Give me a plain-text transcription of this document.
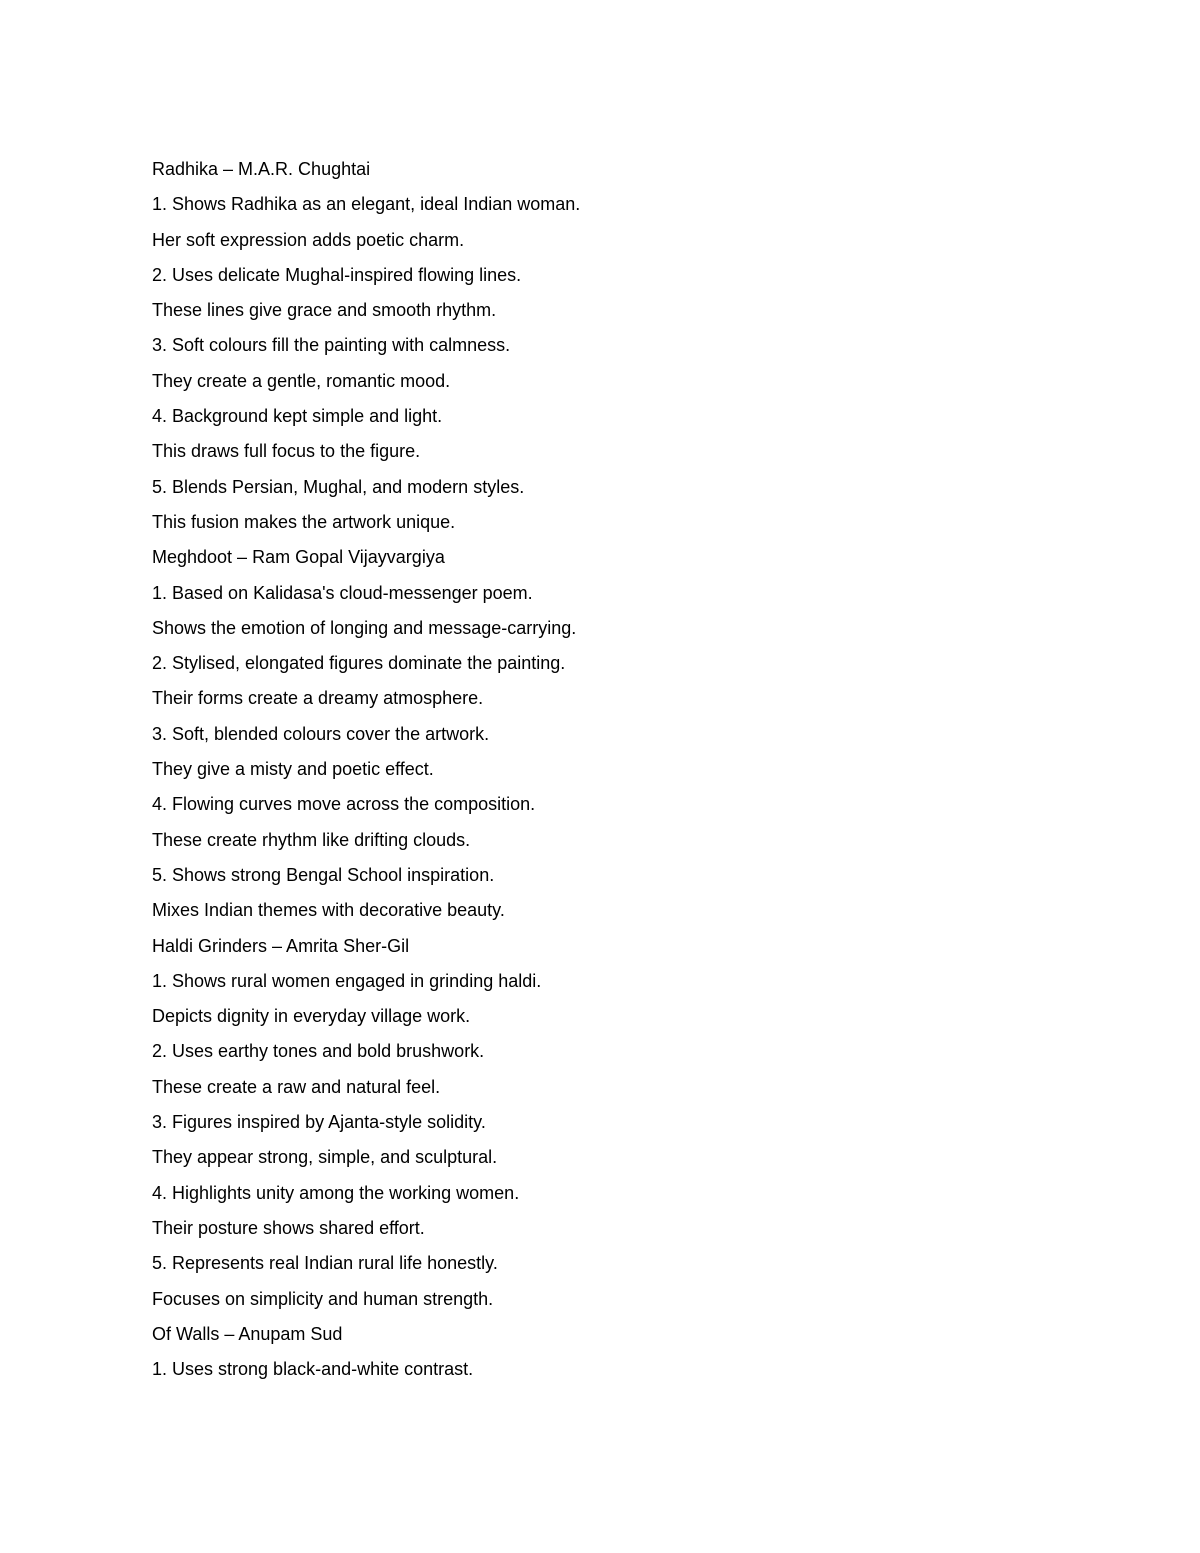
Radhika – M.A.R. Chughtai
1. Shows Radhika as an elegant, ideal Indian woman.
Her soft expression adds poetic charm.
2. Uses delicate Mughal-inspired flowing lines.
These lines give grace and smooth rhythm.
3. Soft colours fill the painting with calmness.
They create a gentle, romantic mood.
4. Background kept simple and light.
This draws full focus to the figure.
5. Blends Persian, Mughal, and modern styles.
This fusion makes the artwork unique.
Meghdoot – Ram Gopal Vijayvargiya
1. Based on Kalidasa's cloud-messenger poem.
Shows the emotion of longing and message-carrying.
2. Stylised, elongated figures dominate the painting.
Their forms create a dreamy atmosphere.
3. Soft, blended colours cover the artwork.
They give a misty and poetic effect.
4. Flowing curves move across the composition.
These create rhythm like drifting clouds.
5. Shows strong Bengal School inspiration.
Mixes Indian themes with decorative beauty.
Haldi Grinders – Amrita Sher-Gil
1. Shows rural women engaged in grinding haldi.
Depicts dignity in everyday village work.
2. Uses earthy tones and bold brushwork.
These create a raw and natural feel.
3. Figures inspired by Ajanta-style solidity.
They appear strong, simple, and sculptural.
4. Highlights unity among the working women.
Their posture shows shared effort.
5. Represents real Indian rural life honestly.
Focuses on simplicity and human strength.
Of Walls – Anupam Sud
1. Uses strong black-and-white contrast.
